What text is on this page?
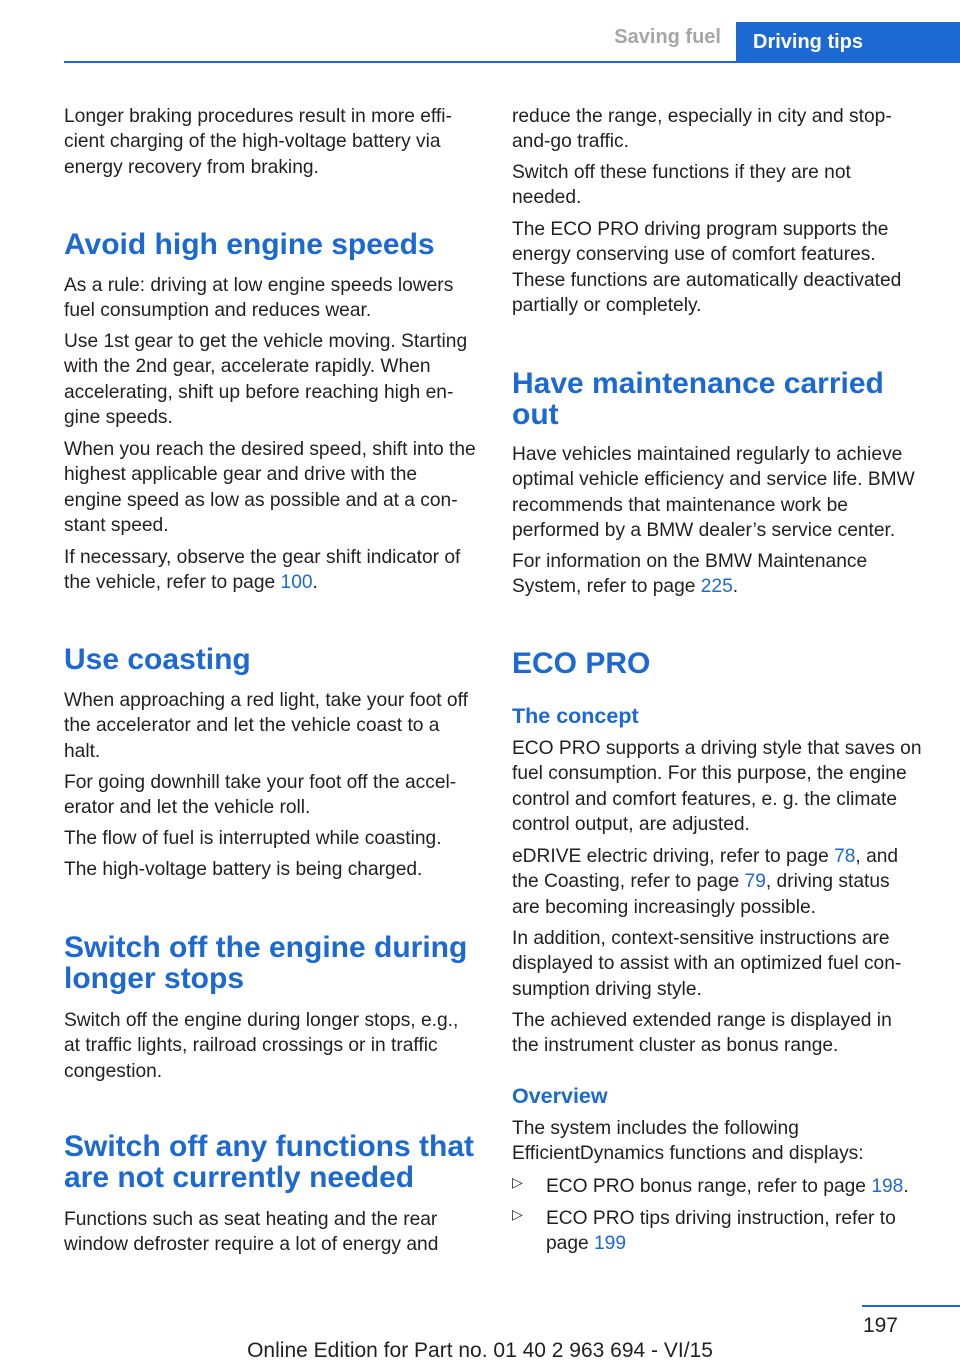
Saving fuel Driving tips

Longer braking procedures result in more efficient charging of the high-voltage battery via energy recovery from braking.

Avoid high engine speeds

As a rule: driving at low engine speeds lowers fuel consumption and reduces wear.

Use 1st gear to get the vehicle moving. Starting with the 2nd gear, accelerate rapidly. When accelerating, shift up before reaching high engine speeds.

When you reach the desired speed, shift into the highest applicable gear and drive with the engine speed as low as possible and at a constant speed.

If necessary, observe the gear shift indicator of the vehicle, refer to page 100.

Use coasting

When approaching a red light, take your foot off the accelerator and let the vehicle coast to a halt.

For going downhill take your foot off the accelerator and let the vehicle roll.

The flow of fuel is interrupted while coasting.

The high-voltage battery is being charged.

Switch off the engine during longer stops

Switch off the engine during longer stops, e.g., at traffic lights, railroad crossings or in traffic congestion.

Switch off any functions that are not currently needed

Functions such as seat heating and the rear window defroster require a lot of energy and

reduce the range, especially in city and stop-and-go traffic.

Switch off these functions if they are not needed.

The ECO PRO driving program supports the energy conserving use of comfort features. These functions are automatically deactivated partially or completely.

Have maintenance carried out

Have vehicles maintained regularly to achieve optimal vehicle efficiency and service life. BMW recommends that maintenance work be performed by a BMW dealer’s service center.

For information on the BMW Maintenance System, refer to page 225.

ECO PRO
The concept

ECO PRO supports a driving style that saves on fuel consumption. For this purpose, the engine control and comfort features, e. g. the climate control output, are adjusted.

eDRIVE electric driving, refer to page 78, and the Coasting, refer to page 79, driving status are becoming increasingly possible.

In addition, context-sensitive instructions are displayed to assist with an optimized fuel consumption driving style.

The achieved extended range is displayed in the instrument cluster as bonus range.

Overview

The system includes the following EfficientDynamics functions and displays:

▷ ECO PRO bonus range, refer to page 198.

▷ ECO PRO tips driving instruction, refer to page 199

197
Online Edition for Part no. 01 40 2 963 694 - VI/15
